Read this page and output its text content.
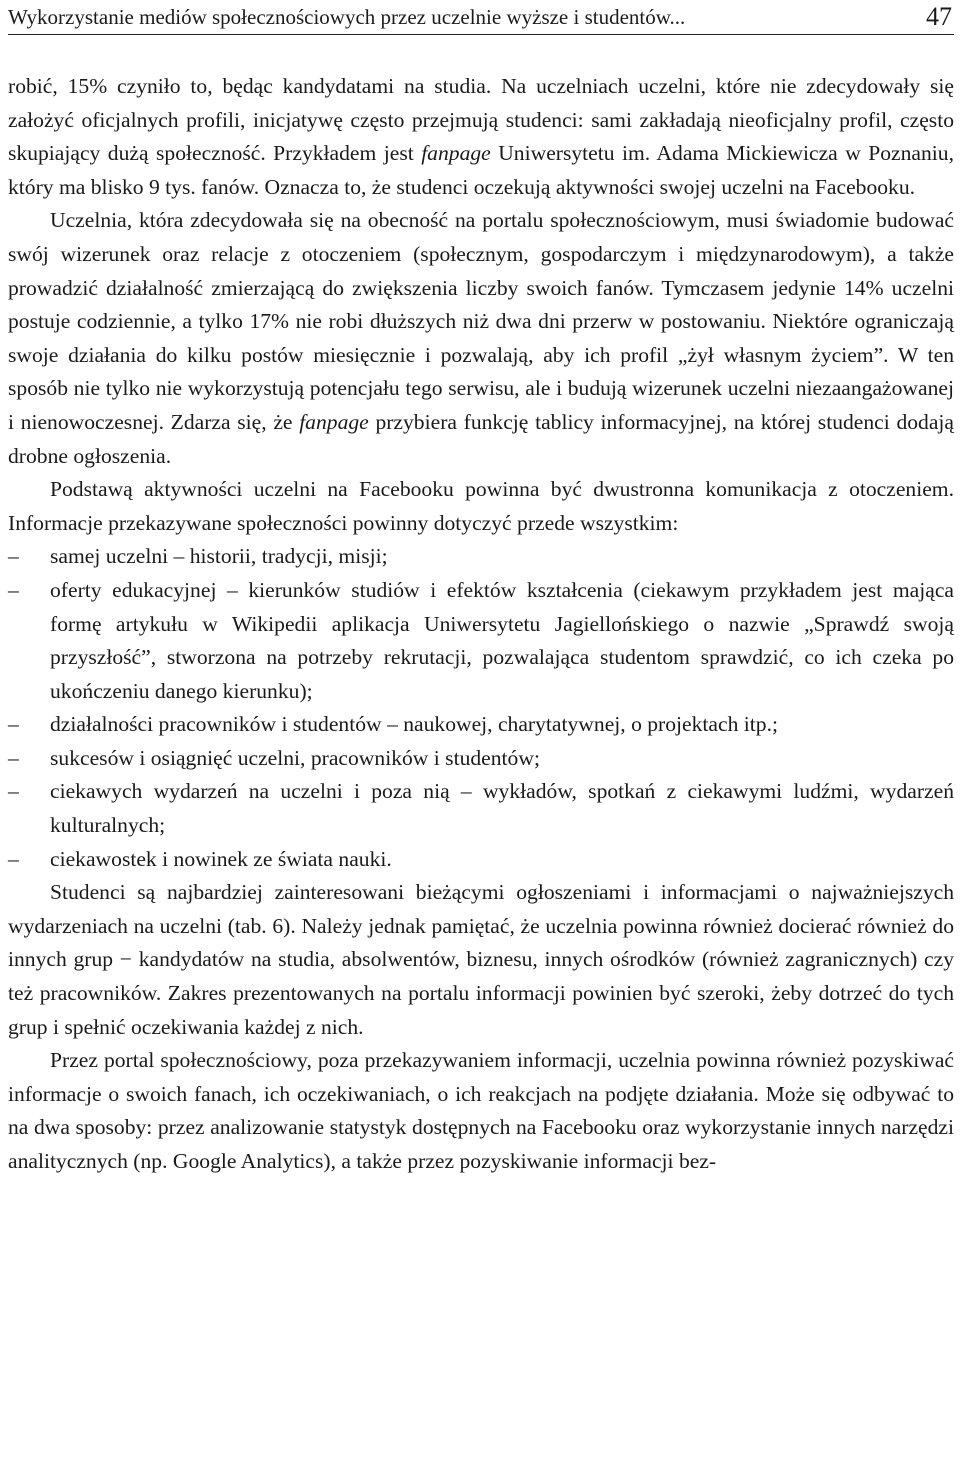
Wykorzystanie mediów społecznościowych przez uczelnie wyższe i studentów...	47

robić, 15% czyniło to, będąc kandydatami na studia. Na uczelniach uczelni, które nie zdecydowały się założyć oficjalnych profili, inicjatywę często przejmują studenci: sami zakładają nieoficjalny profil, często skupiający dużą społeczność. Przykładem jest fanpage Uniwersytetu im. Adama Mickiewicza w Poznaniu, który ma blisko 9 tys. fanów. Oznacza to, że studenci oczekują aktywności swojej uczelni na Facebooku.

Uczelnia, która zdecydowała się na obecność na portalu społecznościowym, musi świadomie budować swój wizerunek oraz relacje z otoczeniem (społecznym, gospodarczym i międzynarodowym), a także prowadzić działalność zmierzającą do zwiększenia liczby swoich fanów. Tymczasem jedynie 14% uczelni postuje codziennie, a tylko 17% nie robi dłuższych niż dwa dni przerw w postowaniu. Niektóre ograniczają swoje działania do kilku postów miesięcznie i pozwalają, aby ich profil „żył własnym życiem”. W ten sposób nie tylko nie wykorzystują potencjału tego serwisu, ale i budują wizerunek uczelni niezaangażowanej i nienowoczesnej. Zdarza się, że fanpage przybiera funkcję tablicy informacyjnej, na której studenci dodają drobne ogłoszenia.

Podstawą aktywności uczelni na Facebooku powinna być dwustronna komunikacja z otoczeniem. Informacje przekazywane społeczności powinny dotyczyć przede wszystkim:

– samej uczelni – historii, tradycji, misji;
– oferty edukacyjnej – kierunków studiów i efektów kształcenia (ciekawym przykładem jest mająca formę artykułu w Wikipedii aplikacja Uniwersytetu Jagiellońskiego o nazwie „Sprawdź swoją przyszłość”, stworzona na potrzeby rekrutacji, pozwalająca studentom sprawdzić, co ich czeka po ukończeniu danego kierunku);
– działalności pracowników i studentów – naukowej, charytatywnej, o projektach itp.;
– sukcesów i osiągnięć uczelni, pracowników i studentów;
– ciekawych wydarzeń na uczelni i poza nią – wykładów, spotkań z ciekawymi ludźmi, wydarzeń kulturalnych;
– ciekawostek i nowinek ze świata nauki.

Studenci są najbardziej zainteresowani bieżącymi ogłoszeniami i informacjami o najważniejszych wydarzeniach na uczelni (tab. 6). Należy jednak pamiętać, że uczelnia powinna również docierać również do innych grup − kandydatów na studia, absolwentów, biznesu, innych ośrodków (również zagranicznych) czy też pracowników. Zakres prezentowanych na portalu informacji powinien być szeroki, żeby dotrzeć do tych grup i spełnić oczekiwania każdej z nich.

Przez portal społecznościowy, poza przekazywaniem informacji, uczelnia powinna również pozyskiwać informacje o swoich fanach, ich oczekiwaniach, o ich reakcjach na podjęte działania. Może się odbywać to na dwa sposoby: przez analizowanie statystyk dostępnych na Facebooku oraz wykorzystanie innych narzędzi analitycznych (np. Google Analytics), a także przez pozyskiwanie informacji bez-
